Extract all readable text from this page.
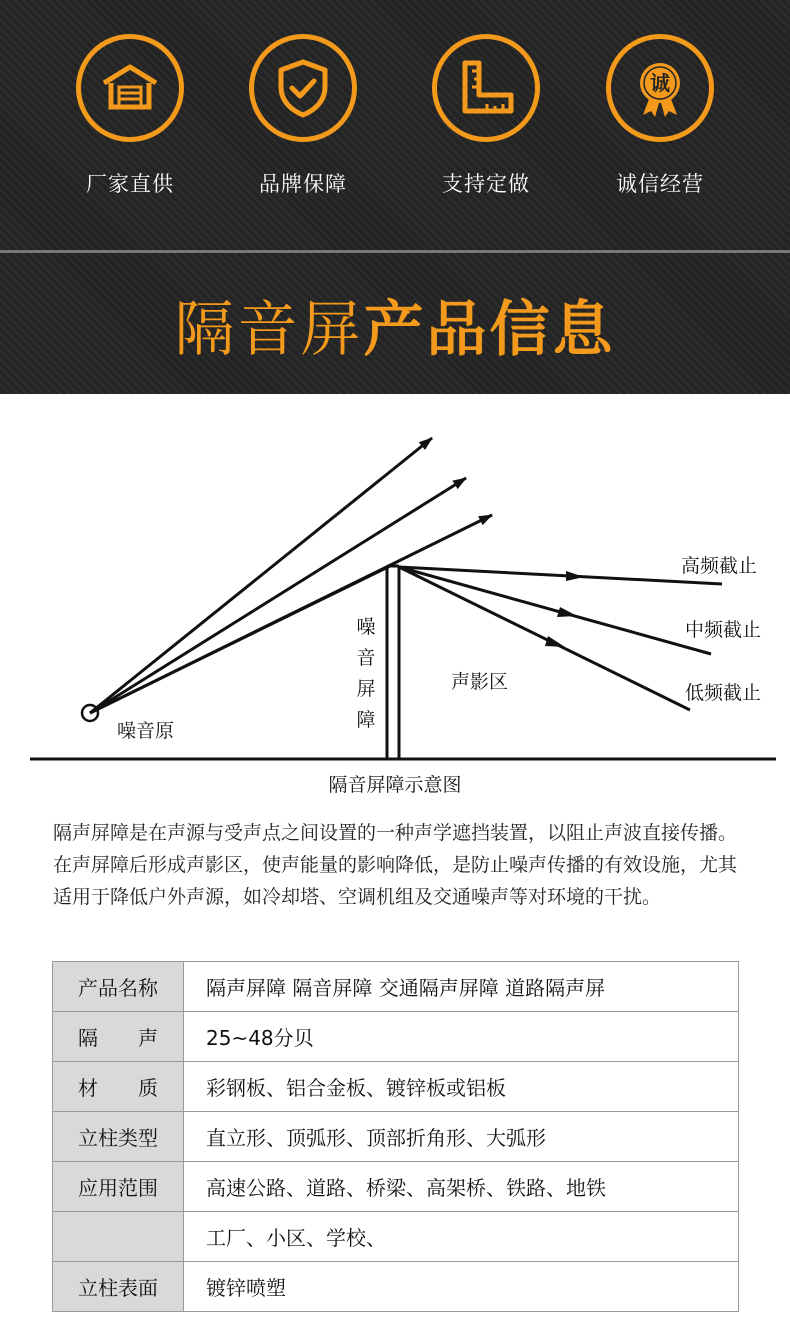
厂家直供	品牌保障	支持定做
诚
诚信经营
隔音屏产品信息
噪音原
噪
音
屏
障
声影区
高频截止
中频截止
低频截止
隔音屏障示意图
隔声屏障是在声源与受声点之间设置的一种声学遮挡装置，以阻止声波直接传播。在声屏障后形成声影区，使声能量的影响降低，是防止噪声传播的有效设施，尤其适用于降低户外声源，如冷却塔、空调机组及交通噪声等对环境的干扰。
产品名称	隔声屏障 隔音屏障 交通隔声屏障 道路隔声屏
隔　　声	25~48分贝
材　　质	彩钢板、铝合金板、镀锌板或铝板
立柱类型	直立形、顶弧形、顶部折角形、大弧形
应用范围	高速公路、道路、桥梁、高架桥、铁路、地铁
	工厂、小区、学校、
立柱表面	镀锌喷塑
